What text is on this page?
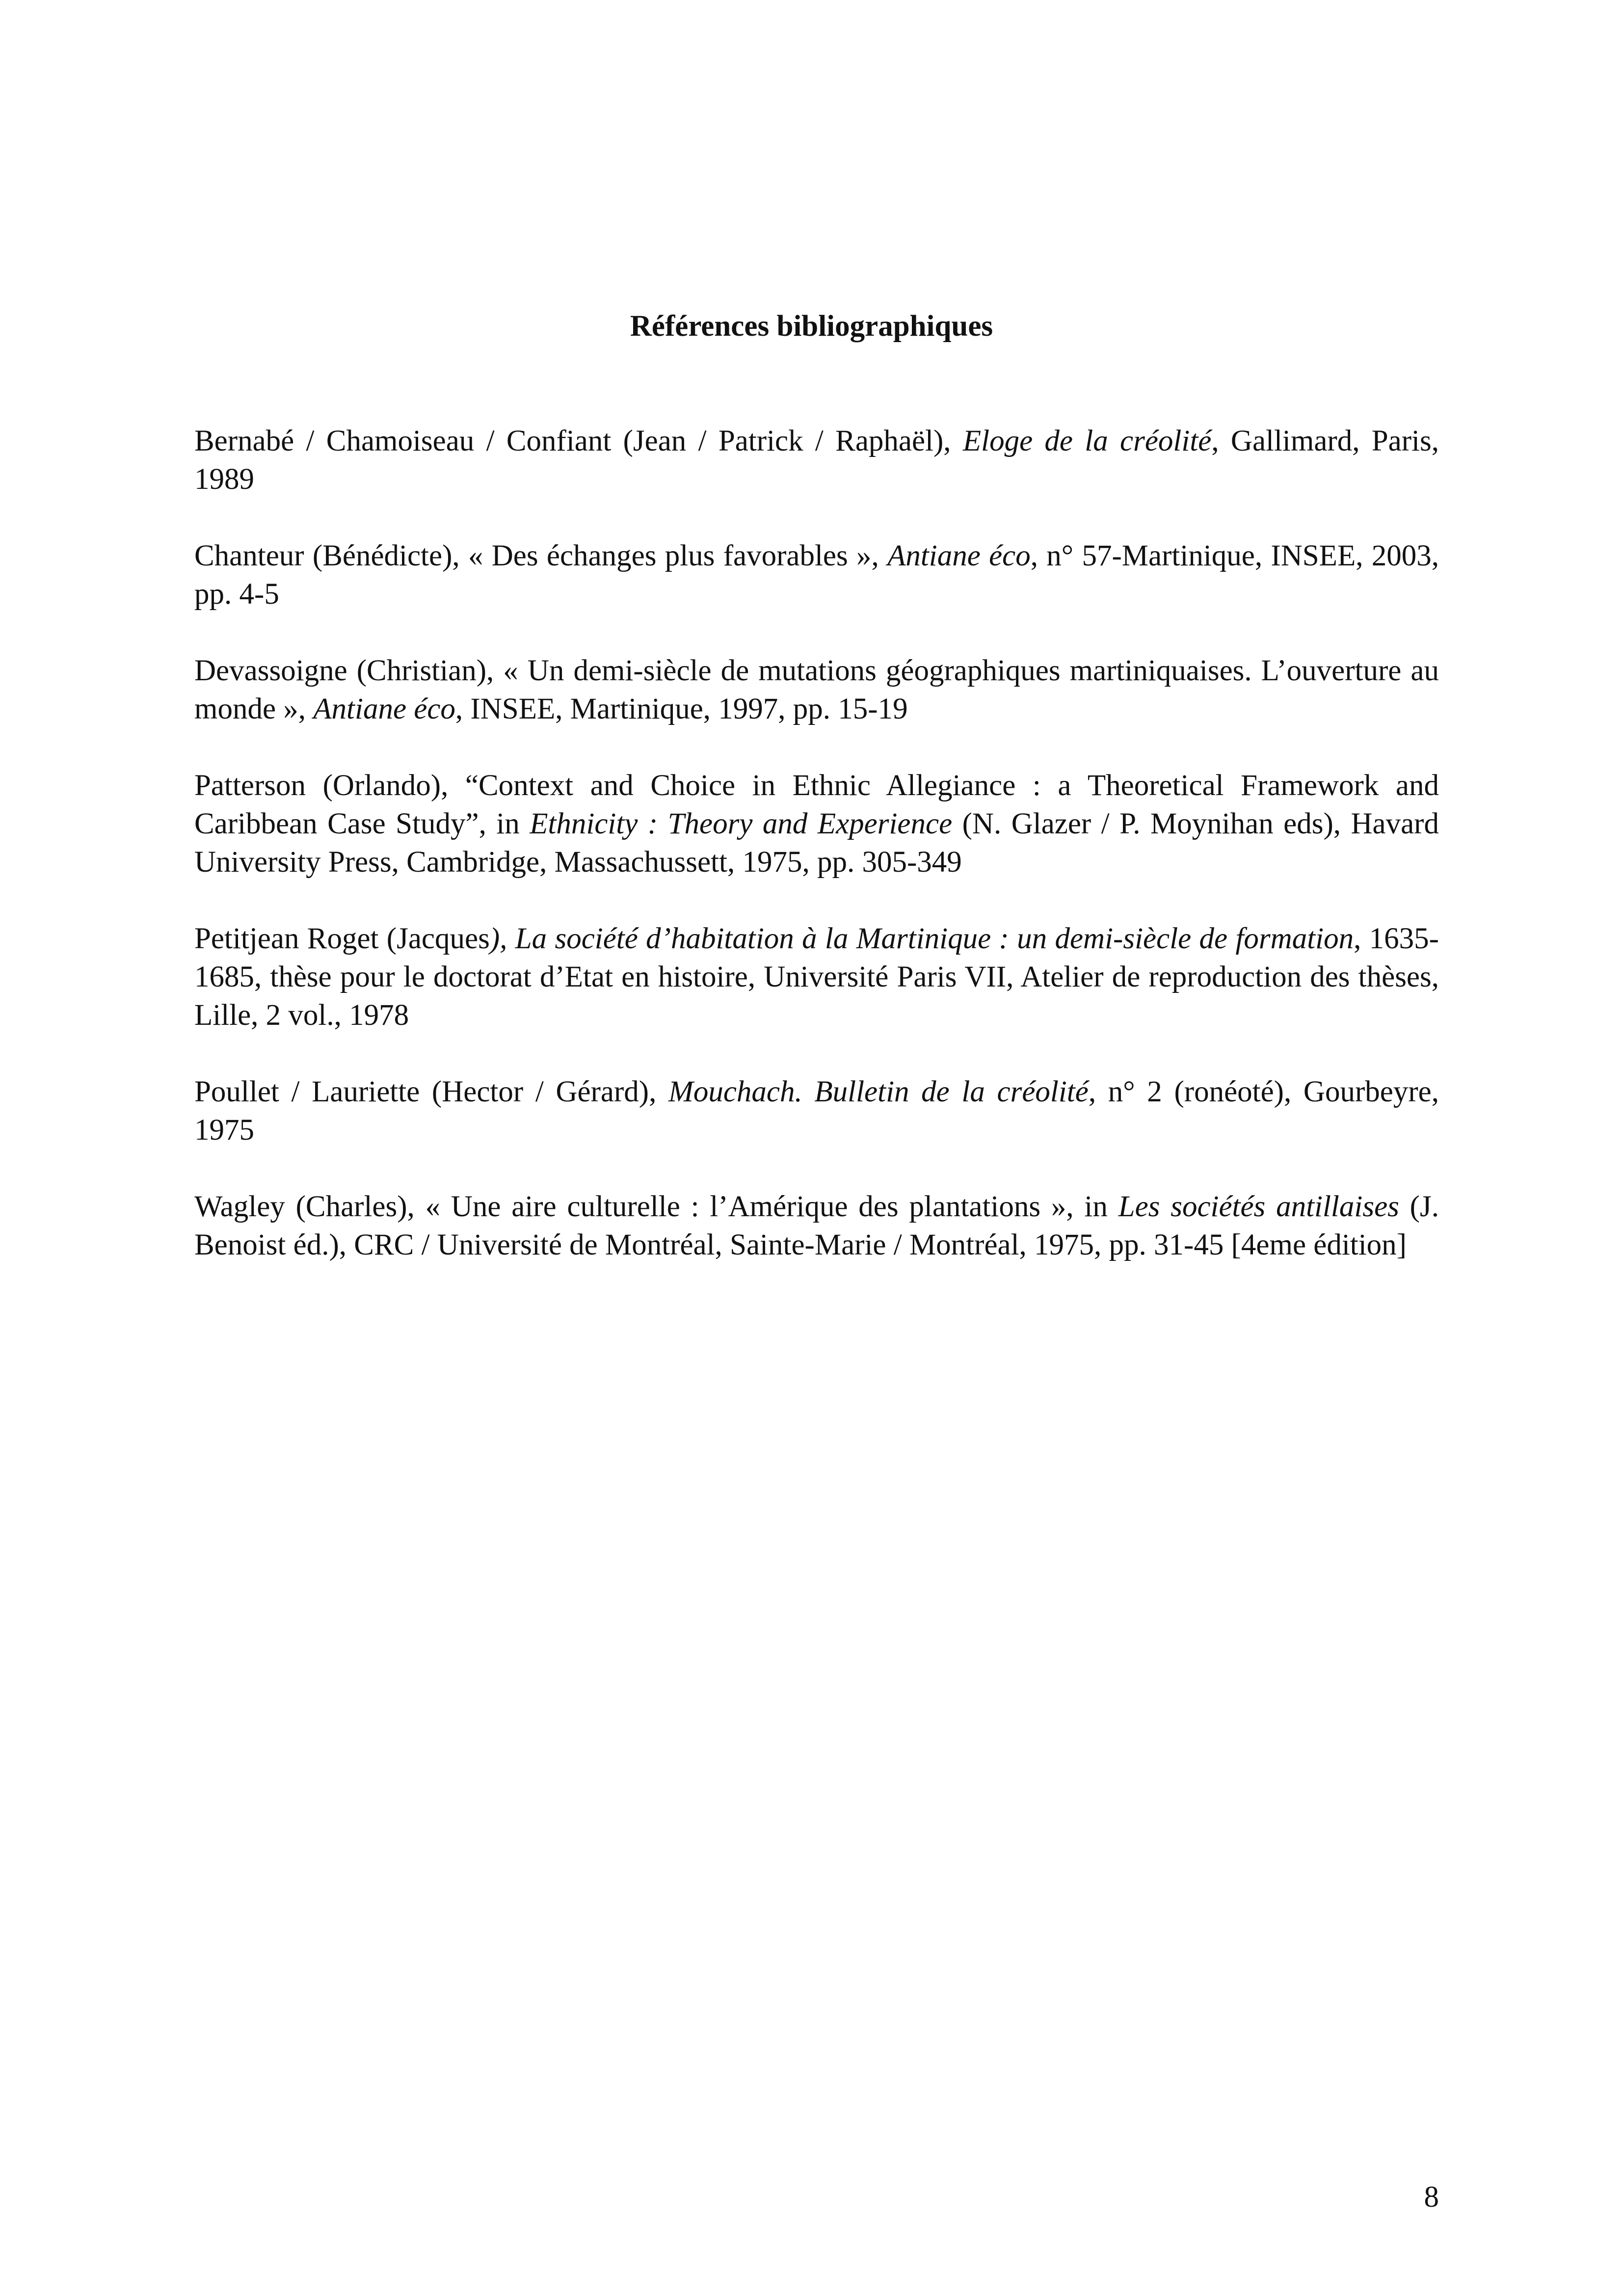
Références bibliographiques
Bernabé / Chamoiseau / Confiant (Jean / Patrick / Raphaël), Eloge de la créolité, Gallimard, Paris, 1989
Chanteur (Bénédicte), « Des échanges plus favorables », Antiane éco, n° 57-Martinique, INSEE, 2003, pp. 4-5
Devassoigne (Christian), « Un demi-siècle de mutations géographiques martiniquaises. L’ouverture au monde », Antiane éco, INSEE, Martinique, 1997, pp. 15-19
Patterson (Orlando), “Context and Choice in Ethnic Allegiance : a Theoretical Framework and Caribbean Case Study”, in Ethnicity : Theory and Experience (N. Glazer / P. Moynihan eds), Havard University Press, Cambridge, Massachussett, 1975, pp. 305-349
Petitjean Roget (Jacques), La société d’habitation à la Martinique : un demi-siècle de formation, 1635-1685, thèse pour le doctorat d’Etat en histoire, Université Paris VII, Atelier de reproduction des thèses, Lille, 2 vol., 1978
Poullet / Lauriette (Hector / Gérard), Mouchach. Bulletin de la créolité, n° 2 (ronéoté), Gourbeyre, 1975
Wagley (Charles), « Une aire culturelle : l’Amérique des plantations », in Les sociétés antillaises (J. Benoist éd.), CRC / Université de Montréal, Sainte-Marie / Montréal, 1975, pp. 31-45 [4eme édition]
8
